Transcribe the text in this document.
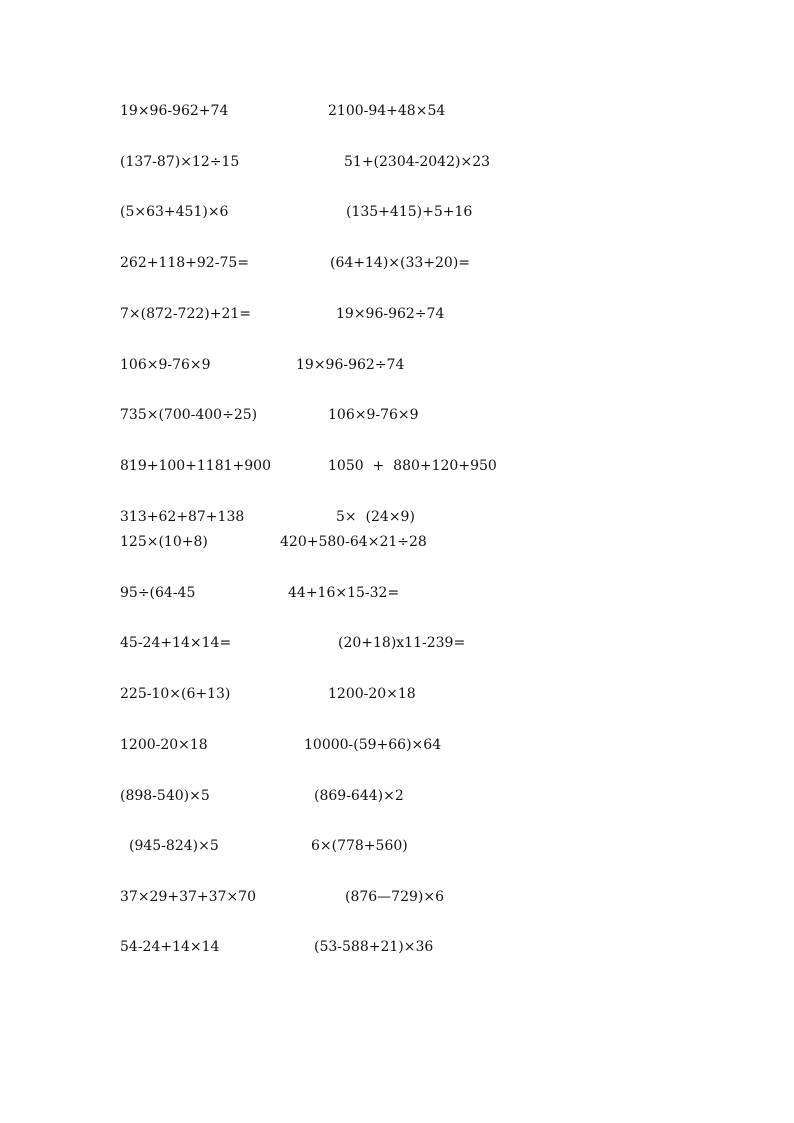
19×96-962+74	2100-94+48×54
(137-87)×12÷15	51+(2304-2042)×23
(5×63+451)×6	(135+415)+5+16
262+118+92-75=	(64+14)×(33+20)=
7×(872-722)+21=	19×96-962÷74
106×9-76×9	19×96-962÷74
735×(700-400÷25)	106×9-76×9
819+100+1181+900	1050  +  880+120+950
313+62+87+138	5×  (24×9)
125×(10+8)	420+580-64×21÷28
95÷(64-45	44+16×15-32=
45-24+14×14=	(20+18)x11-239=
225-10×(6+13)	1200-20×18
1200-20×18	10000-(59+66)×64
(898-540)×5	(869-644)×2
(945-824)×5	6×(778+560)
37×29+37+37×70	(876—729)×6
54-24+14×14	(53-588+21)×36
